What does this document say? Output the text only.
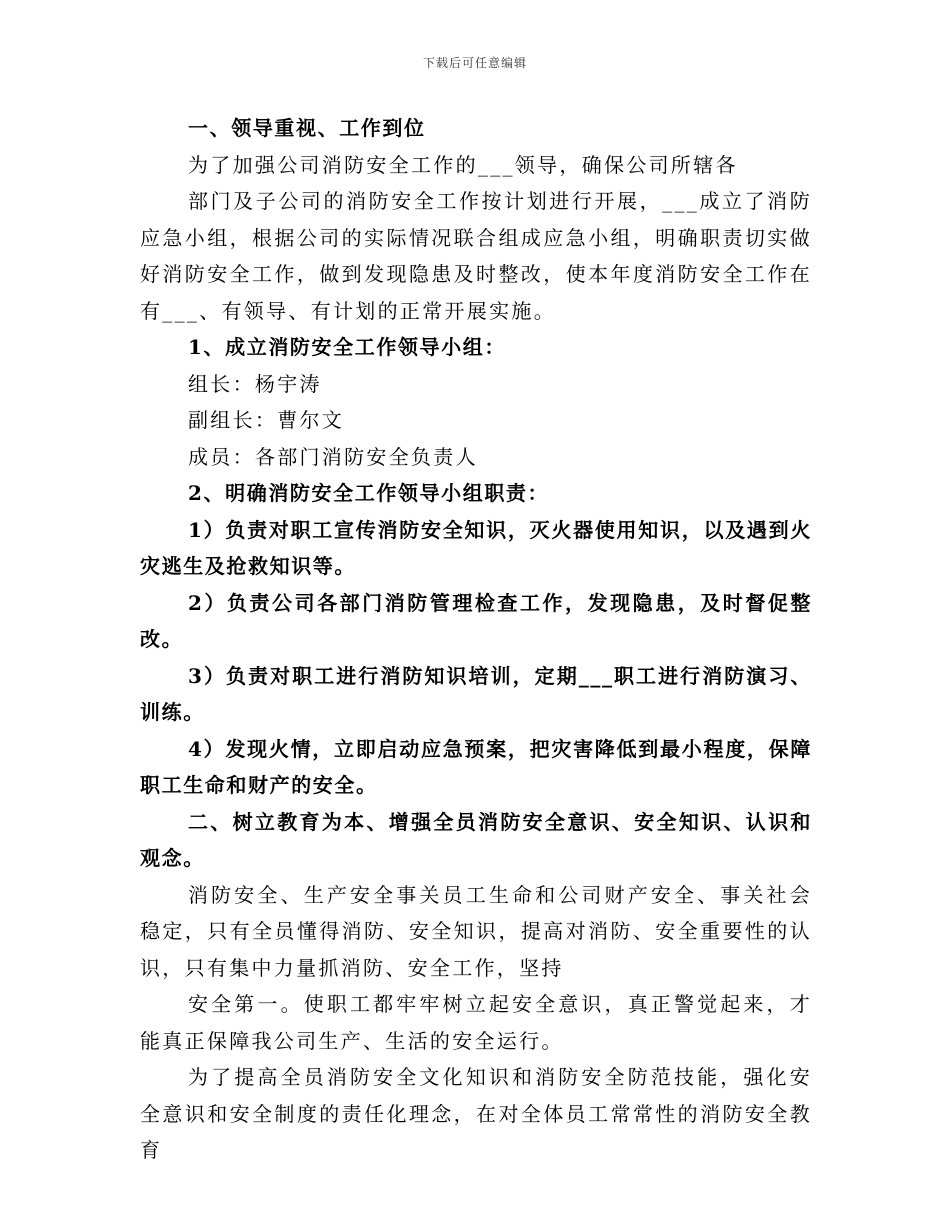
下载后可任意编辑

一、领导重视、工作到位

为了加强公司消防安全工作的___领导，确保公司所辖各

部门及子公司的消防安全工作按计划进行开展，___成立了消防应急小组，根据公司的实际情况联合组成应急小组，明确职责切实做好消防安全工作，做到发现隐患及时整改，使本年度消防安全工作在有___、有领导、有计划的正常开展实施。

1、成立消防安全工作领导小组：

组长：杨宇涛

副组长：曹尔文

成员：各部门消防安全负责人

2、明确消防安全工作领导小组职责：

1）负责对职工宣传消防安全知识，灭火器使用知识，以及遇到火灾逃生及抢救知识等。

2）负责公司各部门消防管理检查工作，发现隐患，及时督促整改。

3）负责对职工进行消防知识培训，定期___职工进行消防演习、训练。

4）发现火情，立即启动应急预案，把灾害降低到最小程度，保障职工生命和财产的安全。

二、树立教育为本、增强全员消防安全意识、安全知识、认识和观念。

消防安全、生产安全事关员工生命和公司财产安全、事关社会稳定，只有全员懂得消防、安全知识，提高对消防、安全重要性的认识，只有集中力量抓消防、安全工作，坚持

安全第一。使职工都牢牢树立起安全意识，真正警觉起来，才能真正保障我公司生产、生活的安全运行。

为了提高全员消防安全文化知识和消防安全防范技能，强化安全意识和安全制度的责任化理念，在对全体员工常常性的消防安全教育
